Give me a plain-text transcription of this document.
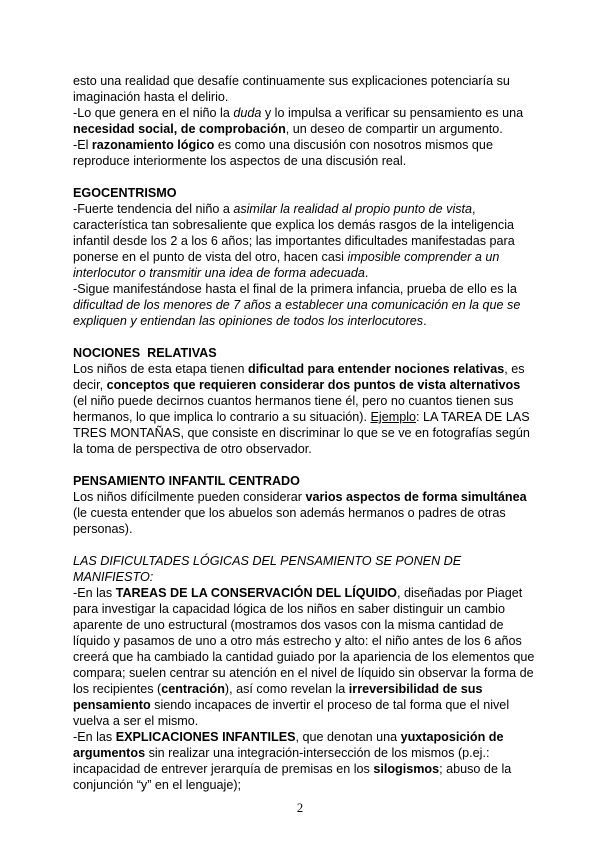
esto una realidad que desafíe continuamente sus explicaciones potenciaría su imaginación hasta el delirio.

-Lo que genera en el niño la duda y lo impulsa a verificar su pensamiento es una necesidad social, de comprobación, un deseo de compartir un argumento.

-El razonamiento lógico es como una discusión con nosotros mismos que reproduce interiormente los aspectos de una discusión real.

EGOCENTRISMO

-Fuerte tendencia del niño a asimilar la realidad al propio punto de vista, característica tan sobresaliente que explica los demás rasgos de la inteligencia infantil desde los 2 a los 6 años; las importantes dificultades manifestadas para ponerse en el punto de vista del otro, hacen casi imposible comprender a un interlocutor o transmitir una idea de forma adecuada.

-Sigue manifestándose hasta el final de la primera infancia, prueba de ello es la dificultad de los menores de 7 años a establecer una comunicación en la que se expliquen y entiendan las opiniones de todos los interlocutores.

NOCIONES  RELATIVAS

Los niños de esta etapa tienen dificultad para entender nociones relativas, es decir, conceptos que requieren considerar dos puntos de vista alternativos (el niño puede decirnos cuantos hermanos tiene él, pero no cuantos tienen sus hermanos, lo que implica lo contrario a su situación). Ejemplo: LA TAREA DE LAS TRES MONTAÑAS, que consiste en discriminar lo que se ve en fotografías según la toma de perspectiva de otro observador.

PENSAMIENTO INFANTIL CENTRADO

Los niños difícilmente pueden considerar varios aspectos de forma simultánea (le cuesta entender que los abuelos son además hermanos o padres de otras personas).

LAS DIFICULTADES LÓGICAS DEL PENSAMIENTO SE PONEN DE MANIFIESTO:

-En las TAREAS DE LA CONSERVACIÓN DEL LÍQUIDO, diseñadas por Piaget para investigar la capacidad lógica de los niños en saber distinguir un cambio aparente de uno estructural (mostramos dos vasos con la misma cantidad de líquido y pasamos de uno a otro más estrecho y alto: el niño antes de los 6 años creerá que ha cambiado la cantidad guiado por la apariencia de los elementos que compara; suelen centrar su atención en el nivel de líquido sin observar la forma de los recipientes (centración), así como revelan la irreversibilidad de sus pensamiento siendo incapaces de invertir el proceso de tal forma que el nivel vuelva a ser el mismo.

-En las EXPLICACIONES INFANTILES, que denotan una yuxtaposición de argumentos sin realizar una integración-intersección de los mismos (p.ej.: incapacidad de entrever jerarquía de premisas en los silogismos; abuso de la conjunción “y” en el lenguaje);

2
